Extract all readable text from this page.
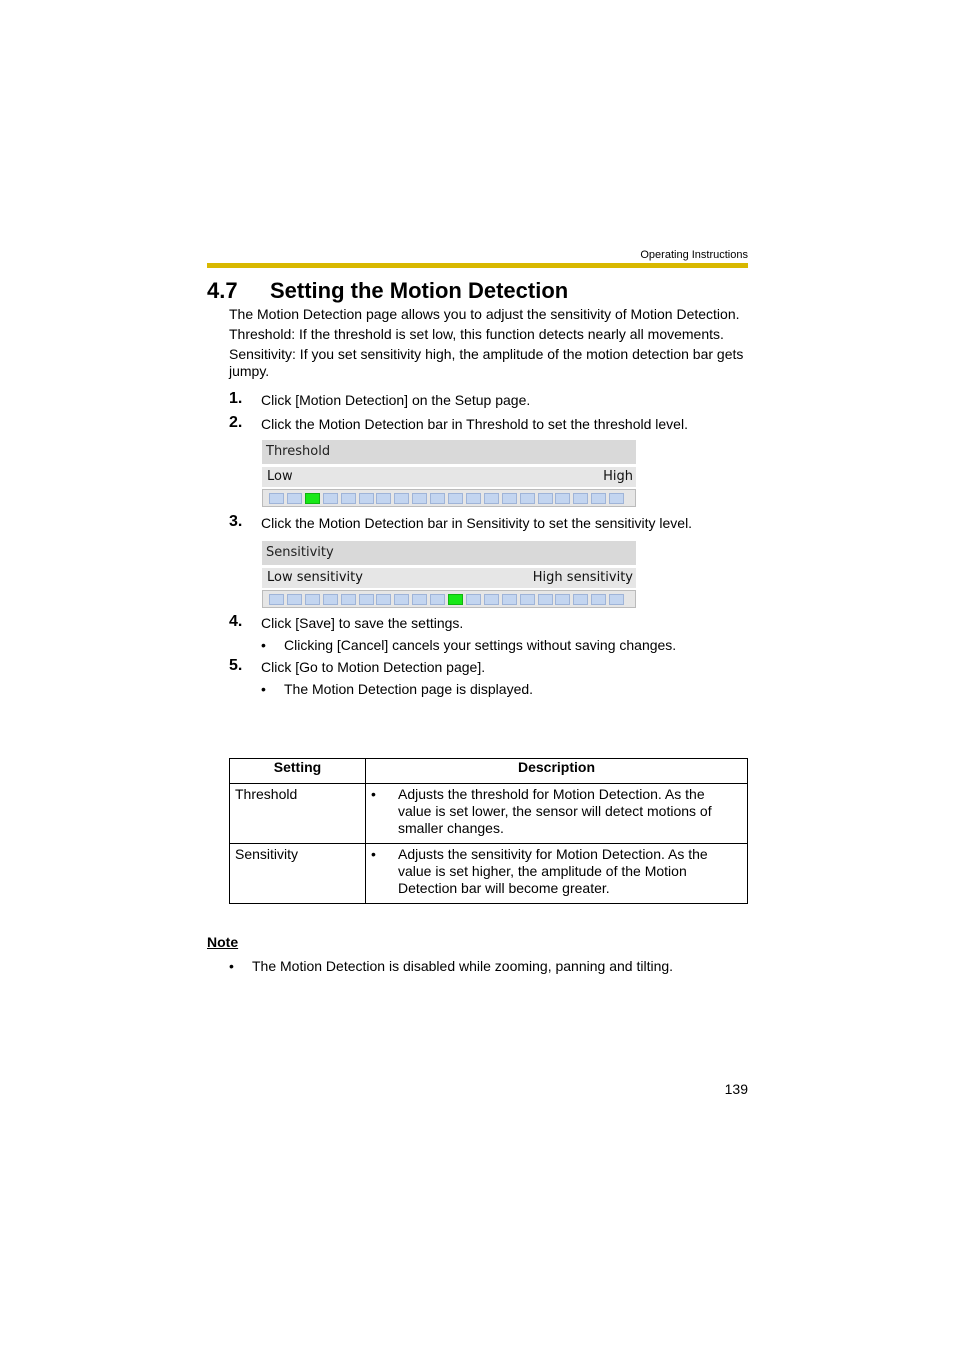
Operating Instructions
4.7 Setting the Motion Detection
The Motion Detection page allows you to adjust the sensitivity of Motion Detection.
Threshold: If the threshold is set low, this function detects nearly all movements.
Sensitivity: If you set sensitivity high, the amplitude of the motion detection bar gets jumpy.
1. Click [Motion Detection] on the Setup page.
2. Click the Motion Detection bar in Threshold to set the threshold level.
Threshold
Low	High
3. Click the Motion Detection bar in Sensitivity to set the sensitivity level.
Sensitivity
Low sensitivity	High sensitivity
4. Click [Save] to save the settings.
• Clicking [Cancel] cancels your settings without saving changes.
5. Click [Go to Motion Detection page].
• The Motion Detection page is displayed.
Setting	Description
Threshold	• Adjusts the threshold for Motion Detection. As the value is set lower, the sensor will detect motions of smaller changes.

Sensitivity	• Adjusts the sensitivity for Motion Detection. As the value is set higher, the amplitude of the Motion Detection bar will become greater.
Note
• The Motion Detection is disabled while zooming, panning and tilting.
139
